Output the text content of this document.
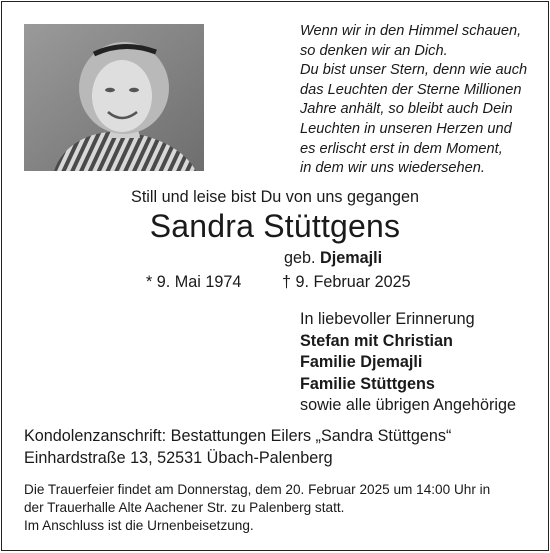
Wenn wir in den Himmel schauen,
so denken wir an Dich.
Du bist unser Stern, denn wie auch
das Leuchten der Sterne Millionen
Jahre anhält, so bleibt auch Dein
Leuchten in unseren Herzen und
es erlischt erst in dem Moment,
in dem wir uns wiedersehen.

Still und leise bist Du von uns gegangen

Sandra Stüttgens

geb. Djemajli

* 9. Mai 1974	† 9. Februar 2025
In liebevoller Erinnerung
Stefan mit Christian
Familie Djemajli
Familie Stüttgens
sowie alle übrigen Angehörige
Kondolenzanschrift: Bestattungen Eilers „Sandra Stüttgens“
Einhardstraße 13, 52531 Übach-Palenberg
Die Trauerfeier findet am Donnerstag, dem 20. Februar 2025 um 14:00 Uhr in
der Trauerhalle Alte Aachener Str. zu Palenberg statt.
Im Anschluss ist die Urnenbeisetzung.
